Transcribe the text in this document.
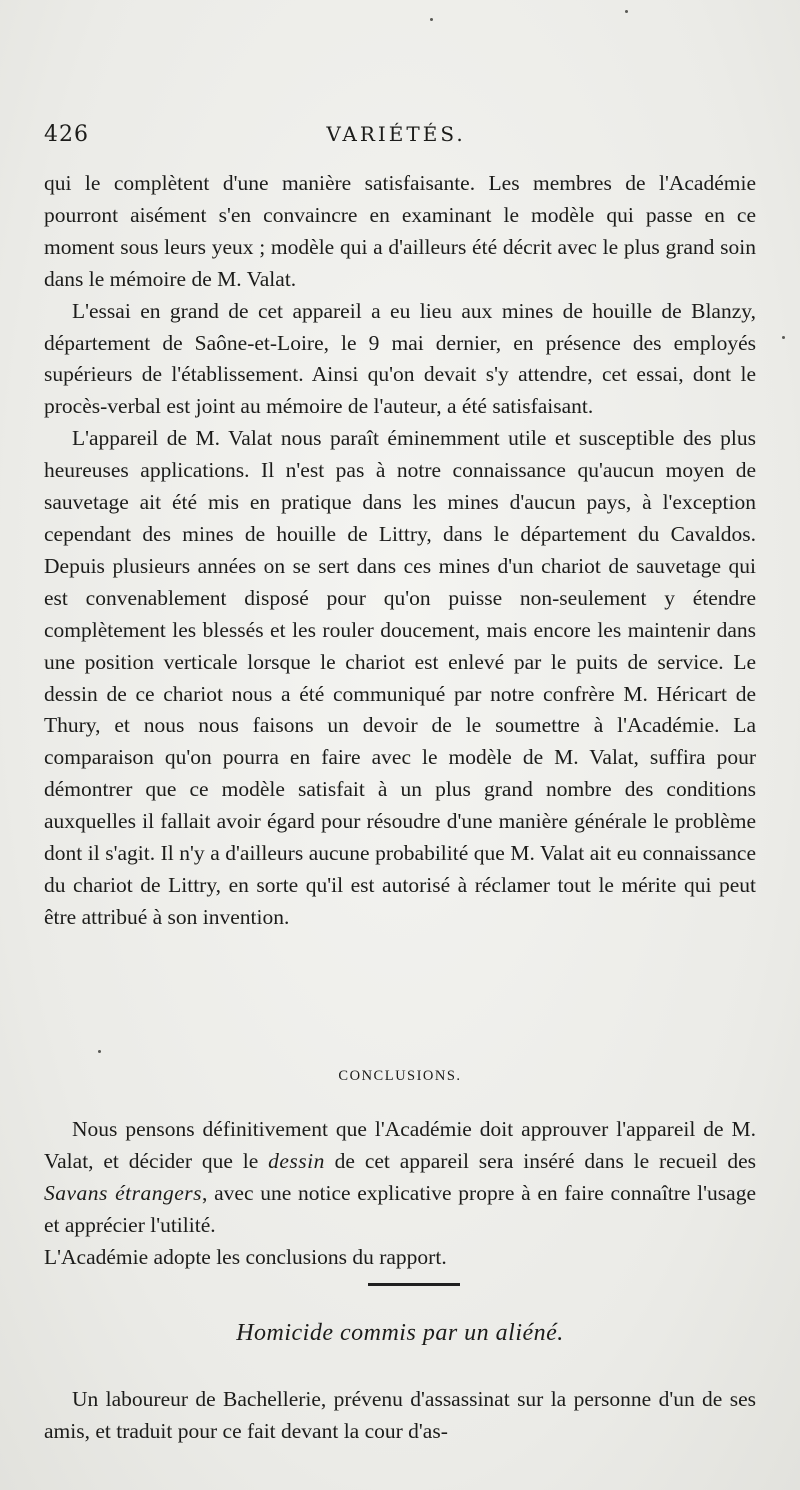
426	VARIÉTÉS.

qui le complètent d'une manière satisfaisante. Les membres de l'Académie pourront aisément s'en convaincre en examinant le modèle qui passe en ce moment sous leurs yeux ; modèle qui a d'ailleurs été décrit avec le plus grand soin dans le mémoire de M. Valat.

L'essai en grand de cet appareil a eu lieu aux mines de houille de Blanzy, département de Saône-et-Loire, le 9 mai dernier, en présence des employés supérieurs de l'établissement. Ainsi qu'on devait s'y attendre, cet essai, dont le procès-verbal est joint au mémoire de l'auteur, a été satisfaisant.

L'appareil de M. Valat nous paraît éminemment utile et susceptible des plus heureuses applications. Il n'est pas à notre connaissance qu'aucun moyen de sauvetage ait été mis en pratique dans les mines d'aucun pays, à l'exception cependant des mines de houille de Littry, dans le département du Cavaldos. Depuis plusieurs années on se sert dans ces mines d'un chariot de sauvetage qui est convenablement disposé pour qu'on puisse non-seulement y étendre complètement les blessés et les rouler doucement, mais encore les maintenir dans une position verticale lorsque le chariot est enlevé par le puits de service. Le dessin de ce chariot nous a été communiqué par notre confrère M. Héricart de Thury, et nous nous faisons un devoir de le soumettre à l'Académie. La comparaison qu'on pourra en faire avec le modèle de M. Valat, suffira pour démontrer que ce modèle satisfait à un plus grand nombre des conditions auxquelles il fallait avoir égard pour résoudre d'une manière générale le problème dont il s'agit. Il n'y a d'ailleurs aucune probabilité que M. Valat ait eu connaissance du chariot de Littry, en sorte qu'il est autorisé à réclamer tout le mérite qui peut être attribué à son invention.

CONCLUSIONS.

Nous pensons définitivement que l'Académie doit approuver l'appareil de M. Valat, et décider que le dessin de cet appareil sera inséré dans le recueil des Savans étrangers, avec une notice explicative propre à en faire connaître l'usage et apprécier l'utilité.

L'Académie adopte les conclusions du rapport.

Homicide commis par un aliéné.

Un laboureur de Bachellerie, prévenu d'assassinat sur la personne d'un de ses amis, et traduit pour ce fait devant la cour d'as-
